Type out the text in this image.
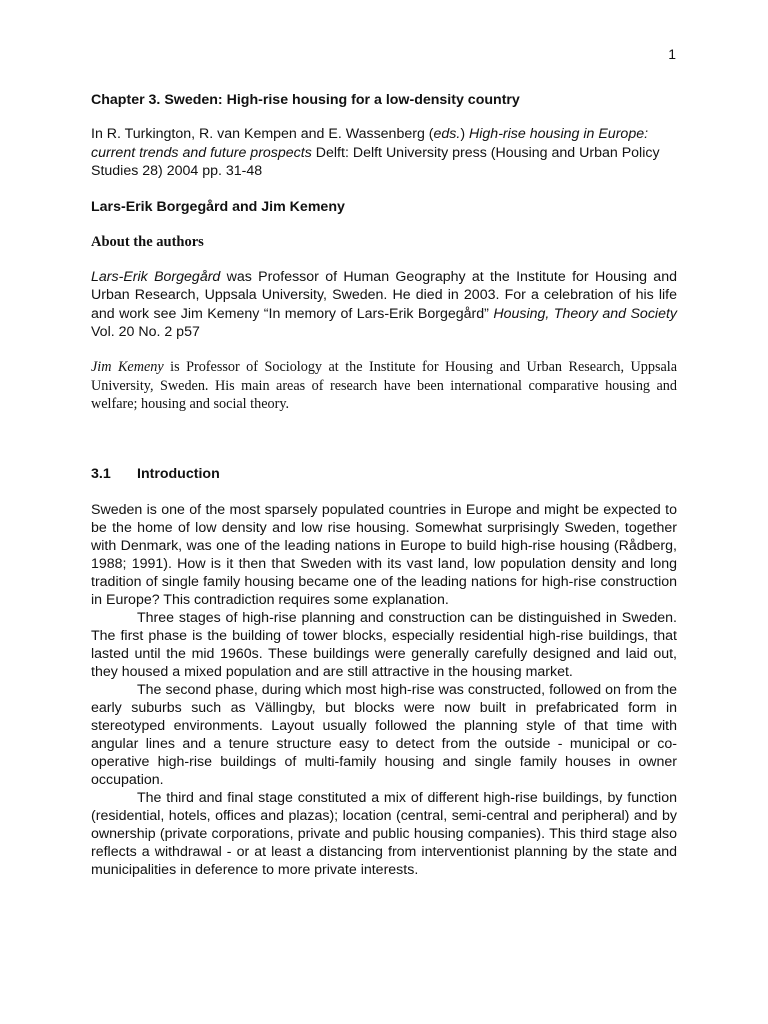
1
Chapter 3. Sweden: High-rise housing for a low-density country
In R. Turkington, R. van Kempen and E. Wassenberg (eds.) High-rise housing in Europe: current trends and future prospects Delft: Delft University press (Housing and Urban Policy Studies 28) 2004 pp. 31-48
Lars-Erik Borgegård and Jim Kemeny
About the authors
Lars-Erik Borgegård was Professor of Human Geography at the Institute for Housing and Urban Research, Uppsala University, Sweden. He died in 2003. For a celebration of his life and work see Jim Kemeny “In memory of Lars-Erik Borgegård” Housing, Theory and Society Vol. 20 No. 2 p57
Jim Kemeny is Professor of Sociology at the Institute for Housing and Urban Research, Uppsala University, Sweden. His main areas of research have been international comparative housing and welfare; housing and social theory.
3.1 Introduction

Sweden is one of the most sparsely populated countries in Europe and might be expected to be the home of low density and low rise housing. Somewhat surprisingly Sweden, together with Denmark, was one of the leading nations in Europe to build high-rise housing (Rådberg, 1988; 1991). How is it then that Sweden with its vast land, low population density and long tradition of single family housing became one of the leading nations for high-rise construction in Europe? This contradiction requires some explanation.

Three stages of high-rise planning and construction can be distinguished in Sweden. The first phase is the building of tower blocks, especially residential high-rise buildings, that lasted until the mid 1960s. These buildings were generally carefully designed and laid out, they housed a mixed population and are still attractive in the housing market.

The second phase, during which most high-rise was constructed, followed on from the early suburbs such as Vällingby, but blocks were now built in prefabricated form in stereotyped environments. Layout usually followed the planning style of that time with angular lines and a tenure structure easy to detect from the outside - municipal or co-operative high-rise buildings of multi-family housing and single family houses in owner occupation.

The third and final stage constituted a mix of different high-rise buildings, by function (residential, hotels, offices and plazas); location (central, semi-central and peripheral) and by ownership (private corporations, private and public housing companies). This third stage also reflects a withdrawal - or at least a distancing from interventionist planning by the state and municipalities in deference to more private interests.
